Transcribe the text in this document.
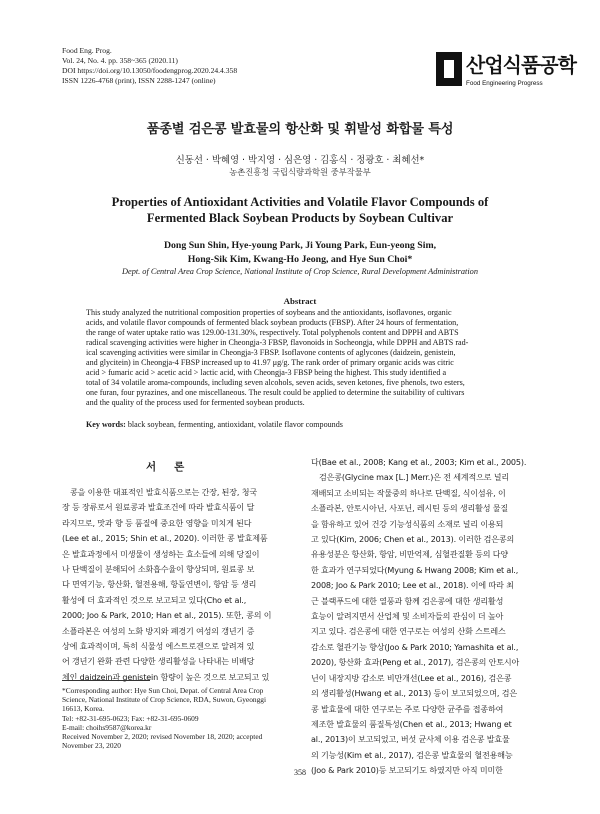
Food Eng. Prog.
Vol. 24, No. 4. pp. 358~365 (2020.11)
DOI https://doi.org/10.13050/foodengprog.2020.24.4.358
ISSN 1226-4768 (print), ISSN 2288-1247 (online)
산업식품공학
Food Engineering Progress
품종별 검은콩 발효물의 항산화 및 휘발성 화합물 특성
신동선 · 박혜영 · 박지영 · 심은영 · 김홍식 · 정광호 · 최혜선*
농촌진흥청 국립식량과학원 중부작물부
Properties of Antioxidant Activities and Volatile Flavor Compounds of
Fermented Black Soybean Products by Soybean Cultivar
Dong Sun Shin, Hye-young Park, Ji Young Park, Eun-yeong Sim,
Hong-Sik Kim, Kwang-Ho Jeong, and Hye Sun Choi*
Dept. of Central Area Crop Science, National Institute of Crop Science, Rural Development Administration
Abstract
This study analyzed the nutritional composition properties of soybeans and the antioxidants, isoflavones, organic
acids, and volatile flavor compounds of fermented black soybean products (FBSP). After 24 hours of fermentation,
the range of water uptake ratio was 129.00-131.30%, respectively. Total polyphenols content and DPPH and ABTS
radical scavenging activities were higher in Cheongja-3 FBSP, flavonoids in Socheongja, while DPPH and ABTS rad-
ical scavenging activities were similar in Cheongja-3 FBSP. Isoflavone contents of aglycones (daidzein, genistein,
and glycitein) in Cheongja-4 FBSP increased up to 41.97 μg/g. The rank order of primary organic acids was citric
acid > fumaric acid > acetic acid > lactic acid, with Cheongja-3 FBSP being the highest. This study identified a
total of 34 volatile aroma-compounds, including seven alcohols, seven acids, seven ketones, five phenols, two esters,
one furan, four pyrazines, and one miscellaneous. The result could be applied to determine the suitability of cultivars
and the quality of the process used for fermented soybean products.
Key words: black soybean, fermenting, antioxidant, volatile flavor compounds
서론
콩을 이용한 대표적인 발효식품으로는 간장, 된장, 청국
장 등 장류로서 원료콩과 발효조건에 따라 발효식품이 달
라지므로, 맛과 향 등 품질에 중요한 영향을 미치게 된다
(Lee et al., 2015; Shin et al., 2020). 이러한 콩 발효제품
은 발효과정에서 미생물이 생성하는 효소들에 의해 당질이
나 단백질이 분해되어 소화흡수율이 향상되며, 원료콩 보
다 면역기능, 항산화, 혈전용해, 항돌연변이, 항암 등 생리
활성에 더 효과적인 것으로 보고되고 있다(Cho et al.,
2000; Joo & Park, 2010; Han et al., 2015). 또한, 콩의 이
소플라본은 여성의 노화 방지와 폐경기 여성의 갱년기 증
상에 효과적이며, 특히 식물성 에스트로겐으로 알려져 있
어 갱년기 완화 관련 다양한 생리활성을 나타내는 비배당
체인 daidzein과 genistein 함량이 높은 것으로 보고되고 있
다(Bae et al., 2008; Kang et al., 2003; Kim et al., 2005).
검은콩(Glycine max [L.] Merr.)은 전 세계적으로 널리
재배되고 소비되는 작물중의 하나로 단백질, 식이섬유, 이
소플라본, 안토시아닌, 사포닌, 레시틴 등의 생리활성 물질
을 함유하고 있어 건강 기능성식품의 소재로 널리 이용되
고 있다(Kim, 2006; Chen et al., 2013). 이러한 검은콩의
유용성분은 항산화, 항암, 비만억제, 심혈관질환 등의 다양
한 효과가 연구되었다(Myung & Hwang 2008; Kim et al.,
2008; Joo & Park 2010; Lee et al., 2018). 이에 따라 최
근 블랙푸드에 대한 열풍과 함께 검은콩에 대한 생리활성
효능이 알려지면서 산업체 및 소비자들의 관심이 더 높아
지고 있다. 검은콩에 대한 연구로는 여성의 산화 스트레스
감소로 혈관기능 향상(Joo & Park 2010; Yamashita et al.,
2020), 항산화 효과(Peng et al., 2017), 검은콩의 안토시아
닌이 내장지방 감소로 비만개선(Lee et al., 2016), 검은콩
의 생리활성(Hwang et al., 2013) 등이 보고되었으며, 검은
콩 발효물에 대한 연구로는 주로 다양한 균주를 접종하여
제조한 발효물의 품질특성(Chen et al., 2013; Hwang et
al., 2013)이 보고되었고, 버섯 균사체 이용 검은콩 발효물
의 기능성(Kim et al., 2017), 검은콩 발효물의 혈전용해능
(Joo & Park 2010)등 보고되기도 하였지만 아직 미미한
*Corresponding author: Hye Sun Choi, Depat. of Central Area Crop
Science, National Institute of Crop Science, RDA, Suwon, Gyeonggi
16613, Korea.
Tel: +82-31-695-0623; Fax: +82-31-695-0609
E-mail: choihs9587@korea.kr
Received November 2, 2020; revised November 18, 2020; accepted
November 23, 2020
358
